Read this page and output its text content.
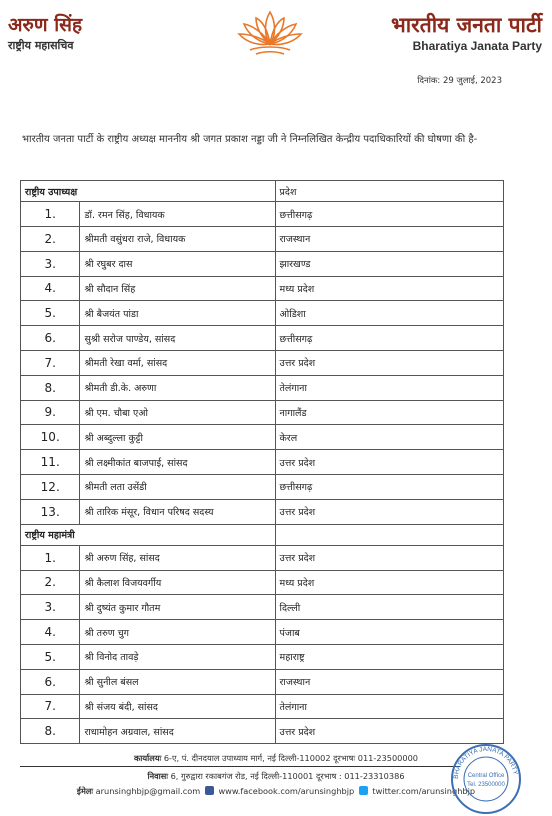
अरुण सिंह
राष्ट्रीय महासचिव
भारतीय जनता पार्टी
Bharatiya Janata Party
दिनांक: 29 जुलाई, 2023
भारतीय जनता पार्टी के राष्ट्रीय अध्यक्ष माननीय श्री जगत प्रकाश नड्डा जी ने निम्नलिखित केन्द्रीय पदाधिकारियों की घोषणा की है-
राष्ट्रीय उपाध्यक्ष		प्रदेश
1.	डॉ. रमन सिंह, विधायक	छत्तीसगढ़
2.	श्रीमती वसुंधरा राजे, विधायक	राजस्थान
3.	श्री रघुबर दास	झारखण्ड
4.	श्री सौदान सिंह	मध्य प्रदेश
5.	श्री बैजयंत पांडा	ओडिशा
6.	सुश्री सरोज पाण्डेय, सांसद	छत्तीसगढ़
7.	श्रीमती रेखा वर्मा, सांसद	उत्तर प्रदेश
8.	श्रीमती डी.के. अरुणा	तेलंगाना
9.	श्री एम. चौबा एओ	नागालैंड
10.	श्री अब्दुल्ला कुट्टी	केरल
11.	श्री लक्ष्मीकांत बाजपाई, सांसद	उत्तर प्रदेश
12.	श्रीमती लता उसेंडी	छत्तीसगढ़
13.	श्री तारिक मंसूर, विधान परिषद सदस्य	उत्तर प्रदेश
राष्ट्रीय महामंत्री		
1.	श्री अरुण सिंह, सांसद	उत्तर प्रदेश
2.	श्री कैलाश विजयवर्गीय	मध्य प्रदेश
3.	श्री दुष्यंत कुमार गौतम	दिल्ली
4.	श्री तरुण चुग	पंजाब
5.	श्री विनोद तावड़े	महाराष्ट्र
6.	श्री सुनील बंसल	राजस्थान
7.	श्री संजय बंदी, सांसद	तेलंगाना
8.	राधामोहन अग्रवाल, सांसद	उत्तर प्रदेश
कार्यालयः 6-ए, पं. दीनदयाल उपाध्याय मार्ग, नई दिल्ली-110002 दूरभाषः 011-23500000
निवासः 6, गुरुद्वारा रकाबगंज रोड, नई दिल्ली-110001 दूरभाष : 011-23310386
ईमेलः arunsinghbjp@gmail.com www.facebook.com/arunsinghbjp twitter.com/arunsinghbjp
BHARATIYA JANATA PARTY
Central Office
Tel. 23500000
